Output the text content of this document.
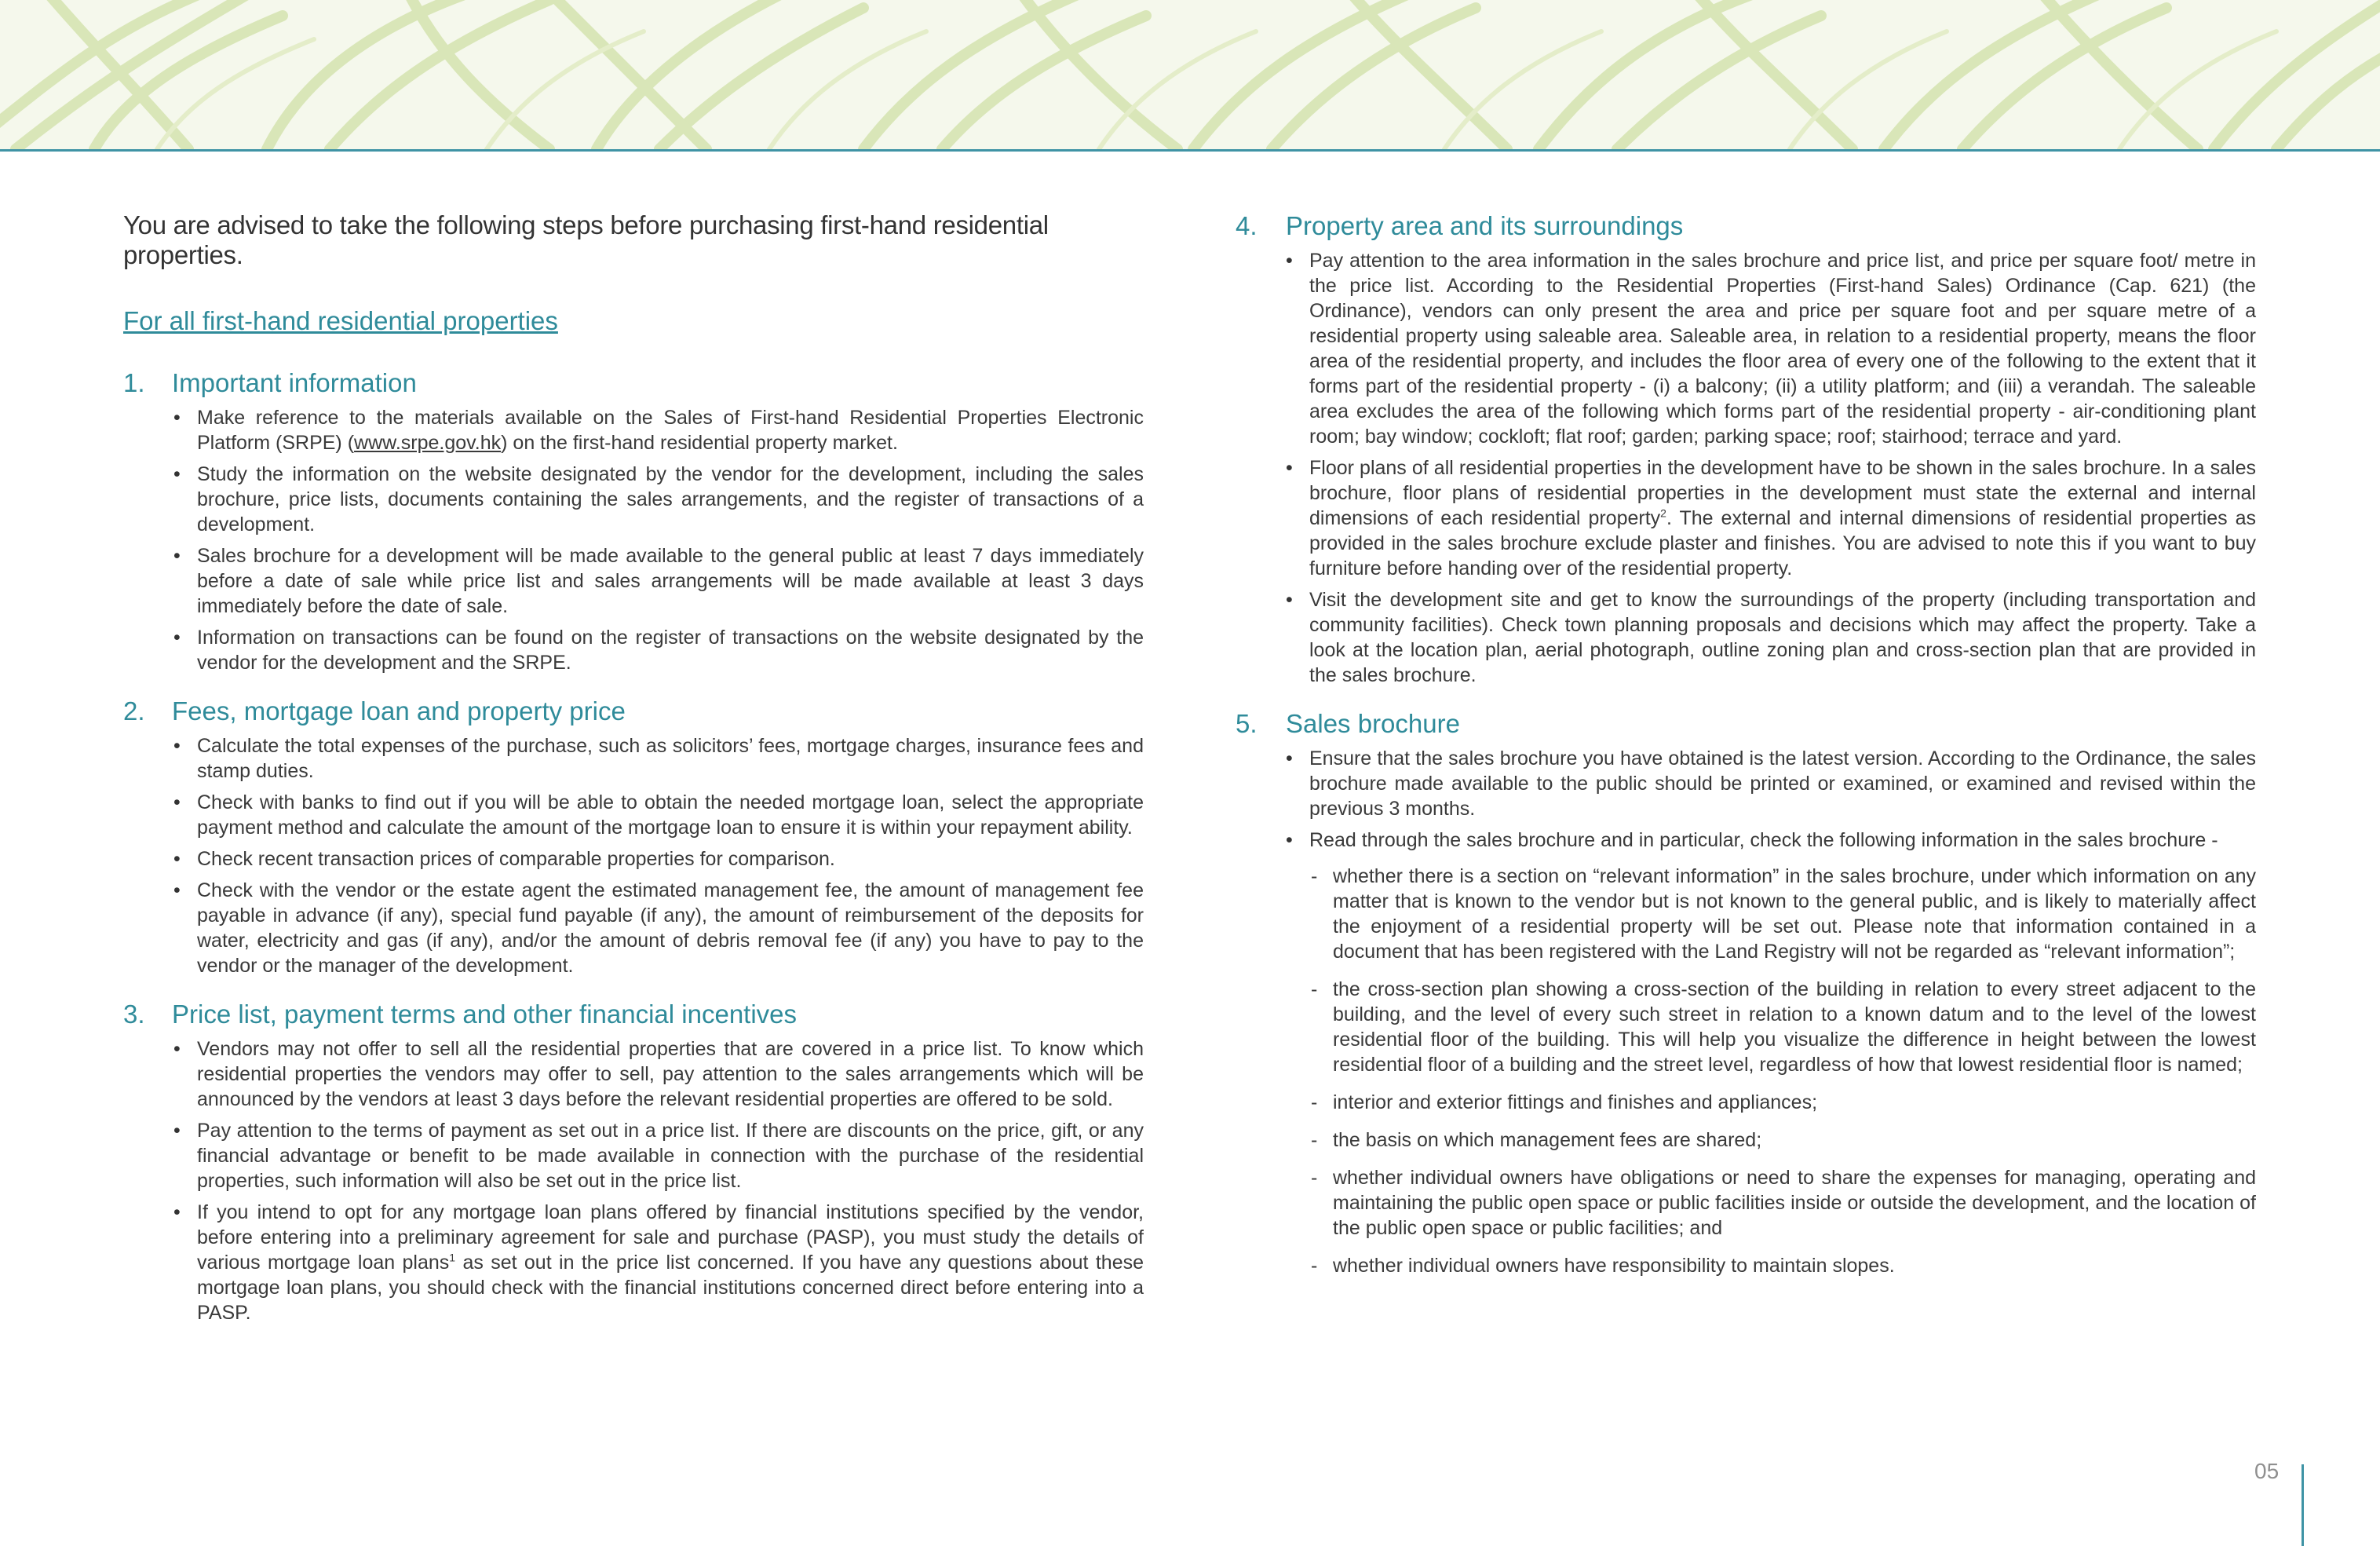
You are advised to take the following steps before purchasing first-hand residential properties.

For all first-hand residential properties

1.	Important information
• Make reference to the materials available on the Sales of First-hand Residential Properties Electronic Platform (SRPE) (www.srpe.gov.hk) on the first-hand residential property market.
• Study the information on the website designated by the vendor for the development, including the sales brochure, price lists, documents containing the sales arrangements, and the register of transactions of a development.
• Sales brochure for a development will be made available to the general public at least 7 days immediately before a date of sale while price list and sales arrangements will be made available at least 3 days immediately before the date of sale.
• Information on transactions can be found on the register of transactions on the website designated by the vendor for the development and the SRPE.
2.	Fees, mortgage loan and property price
• Calculate the total expenses of the purchase, such as solicitors’ fees, mortgage charges, insurance fees and stamp duties.
• Check with banks to find out if you will be able to obtain the needed mortgage loan, select the appropriate payment method and calculate the amount of the mortgage loan to ensure it is within your repayment ability.
• Check recent transaction prices of comparable properties for comparison.
• Check with the vendor or the estate agent the estimated management fee, the amount of management fee payable in advance (if any), special fund payable (if any), the amount of reimbursement of the deposits for water, electricity and gas (if any), and/or the amount of debris removal fee (if any) you have to pay to the vendor or the manager of the development.
3.	Price list, payment terms and other financial incentives
• Vendors may not offer to sell all the residential properties that are covered in a price list. To know which residential properties the vendors may offer to sell, pay attention to the sales arrangements which will be announced by the vendors at least 3 days before the relevant residential properties are offered to be sold.
• Pay attention to the terms of payment as set out in a price list. If there are discounts on the price, gift, or any financial advantage or benefit to be made available in connection with the purchase of the residential properties, such information will also be set out in the price list.
• If you intend to opt for any mortgage loan plans offered by financial institutions specified by the vendor, before entering into a preliminary agreement for sale and purchase (PASP), you must study the details of various mortgage loan plans$^1$ as set out in the price list concerned. If you have any questions about these mortgage loan plans, you should check with the financial institutions concerned direct before entering into a PASP.
4.	Property area and its surroundings
• Pay attention to the area information in the sales brochure and price list, and price per square foot/ metre in the price list. According to the Residential Properties (First-hand Sales) Ordinance (Cap. 621) (the Ordinance), vendors can only present the area and price per square foot and per square metre of a residential property using saleable area. Saleable area, in relation to a residential property, means the floor area of the residential property, and includes the floor area of every one of the following to the extent that it forms part of the residential property - (i) a balcony; (ii) a utility platform; and (iii) a verandah. The saleable area excludes the area of the following which forms part of the residential property - air-conditioning plant room; bay window; cockloft; flat roof; garden; parking space; roof; stairhood; terrace and yard.
• Floor plans of all residential properties in the development have to be shown in the sales brochure. In a sales brochure, floor plans of residential properties in the development must state the external and internal dimensions of each residential property$^2$. The external and internal dimensions of residential properties as provided in the sales brochure exclude plaster and finishes. You are advised to note this if you want to buy furniture before handing over of the residential property.
• Visit the development site and get to know the surroundings of the property (including transportation and community facilities). Check town planning proposals and decisions which may affect the property. Take a look at the location plan, aerial photograph, outline zoning plan and cross-section plan that are provided in the sales brochure.
5.	Sales brochure
• Ensure that the sales brochure you have obtained is the latest version. According to the Ordinance, the sales brochure made available to the public should be printed or examined, or examined and revised within the previous 3 months.
• Read through the sales brochure and in particular, check the following information in the sales brochure -
- whether there is a section on “relevant information” in the sales brochure, under which information on any matter that is known to the vendor but is not known to the general public, and is likely to materially affect the enjoyment of a residential property will be set out. Please note that information contained in a document that has been registered with the Land Registry will not be regarded as “relevant information”;
- the cross-section plan showing a cross-section of the building in relation to every street adjacent to the building, and the level of every such street in relation to a known datum and to the level of the lowest residential floor of the building. This will help you visualize the difference in height between the lowest residential floor of a building and the street level, regardless of how that lowest residential floor is named;
- interior and exterior fittings and finishes and appliances;
- the basis on which management fees are shared;
- whether individual owners have obligations or need to share the expenses for managing, operating and maintaining the public open space or public facilities inside or outside the development, and the location of the public open space or public facilities; and
- whether individual owners have responsibility to maintain slopes.
05
